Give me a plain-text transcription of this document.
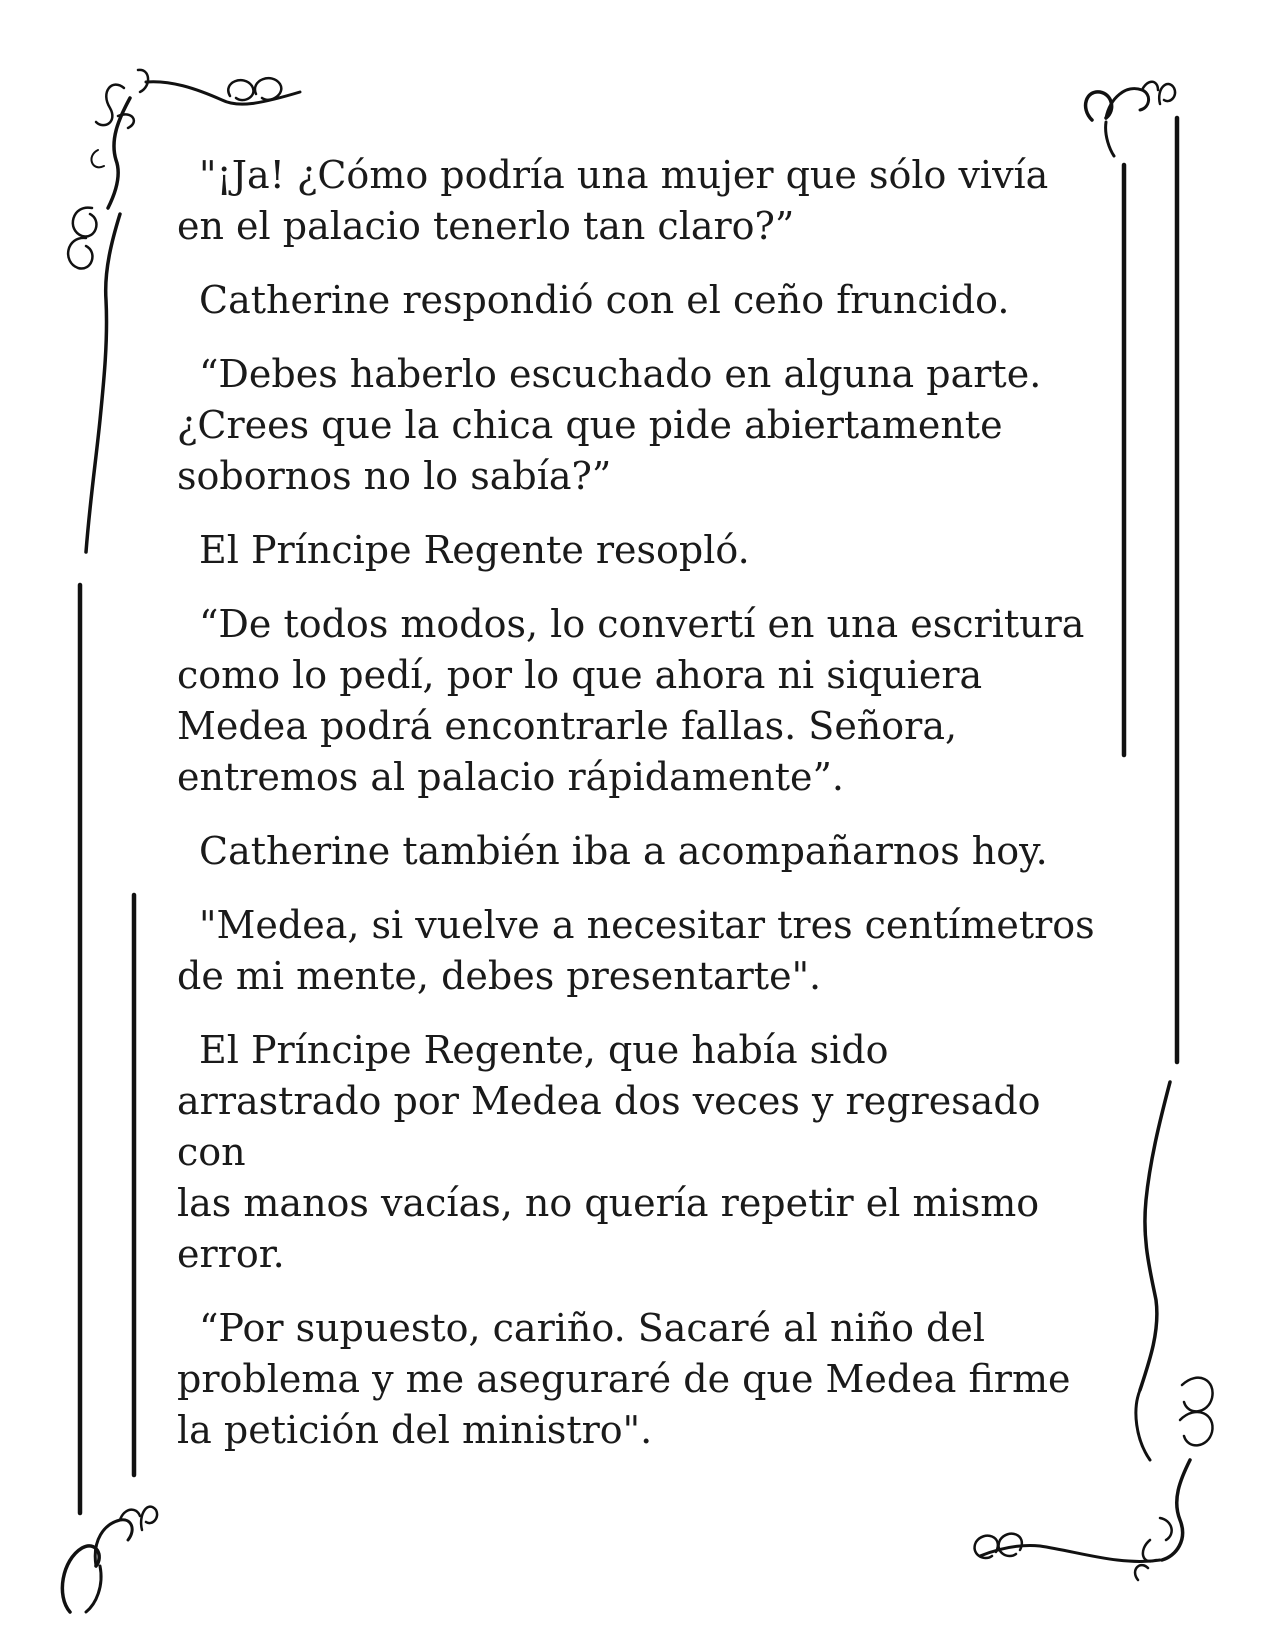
"¡Ja! ¿Cómo podría una mujer que sólo vivía
en el palacio tenerlo tan claro?”

Catherine respondió con el ceño fruncido.

“Debes haberlo escuchado en alguna parte.
¿Crees que la chica que pide abiertamente
sobornos no lo sabía?”

El Príncipe Regente resopló.

“De todos modos, lo convertí en una escritura
como lo pedí, por lo que ahora ni siquiera
Medea podrá encontrarle fallas. Señora,
entremos al palacio rápidamente”.

Catherine también iba a acompañarnos hoy.

"Medea, si vuelve a necesitar tres centímetros
de mi mente, debes presentarte".

El Príncipe Regente, que había sido
arrastrado por Medea dos veces y regresado con
las manos vacías, no quería repetir el mismo
error.

“Por supuesto, cariño. Sacaré al niño del
problema y me aseguraré de que Medea firme
la petición del ministro".
